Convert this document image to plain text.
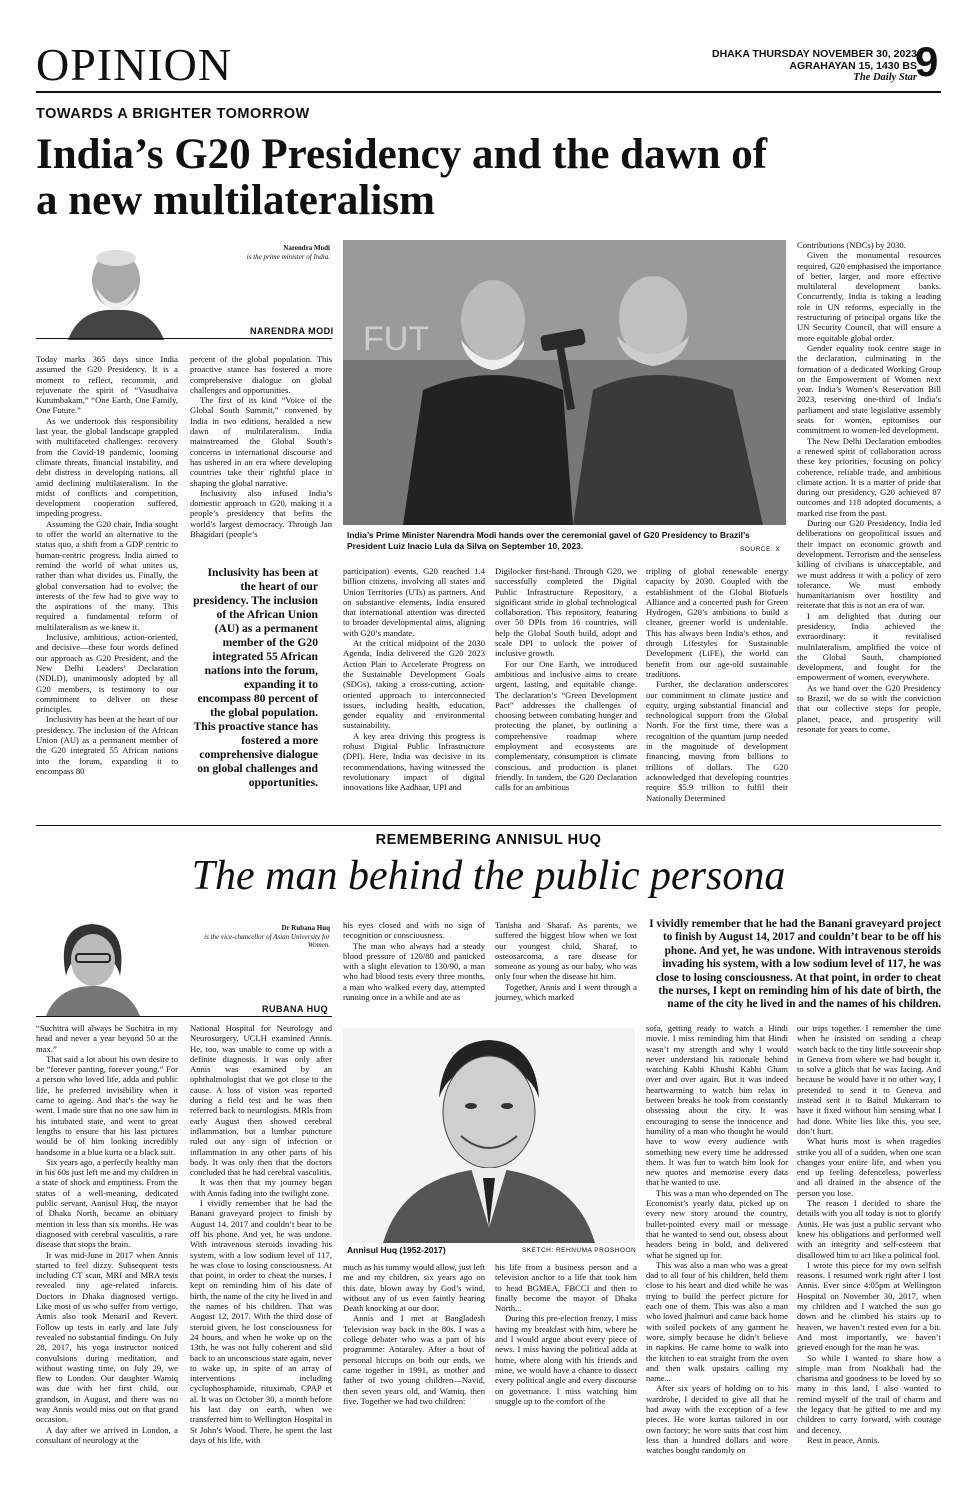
OPINION	DHAKA THURSDAY NOVEMBER 30, 2023
AGRAHAYAN 15, 1430 BS
The Daily Star
9
TOWARDS A BRIGHTER TOMORROW
India’s G20 Presidency and the dawn of a new multilateralism
Narendra Modi
is the prime minister of India.
NARENDRA MODI FUT
India’s Prime Minister Narendra Modi hands over the ceremonial gavel of G20 Presidency to Brazil’s President Luiz Inacio Lula da Silva on September 10, 2023.	SOURCE: X

Today marks 365 days since India assumed the G20 Presidency. It is a moment to reflect, recommit, and rejuvenate the spirit of “Vasudhaiva Kutumbakam,” “One Earth, One Family, One Future.”

As we undertook this responsibility last year, the global landscape grappled with multifaceted challenges: recovery from the Covid-19 pandemic, looming climate threats, financial instability, and debt distress in developing nations, all amid declining multilateralism. In the midst of conflicts and competition, development cooperation suffered, impeding progress.

Assuming the G20 chair, India sought to offer the world an alternative to the status quo, a shift from a GDP centric to human-centric progress. India aimed to remind the world of what unites us, rather than what divides us. Finally, the global conversation had to evolve; the interests of the few had to give way to the aspirations of the many. This required a fundamental reform of multilateralism as we knew it.

Inclusive, ambitious, action-oriented, and decisive—these four words defined our approach as G20 President, and the New Delhi Leaders’ Declaration (NDLD), unanimously adopted by all G20 members, is testimony to our commitment to deliver on these principles.

Inclusivity has been at the heart of our presidency. The inclusion of the African Union (AU) as a permanent member of the G20 integrated 55 African nations into the forum, expanding it to encompass 80

percent of the global population. This proactive stance has fostered a more comprehensive dialogue on global challenges and opportunities.

The first of its kind “Voice of the Global South Summit,” convened by India in two editions, heralded a new dawn of multilateralism. India mainstreamed the Global South’s concerns in international discourse and has ushered in an era where developing countries take their rightful place in shaping the global narrative.

Inclusivity also infused India’s domestic approach to G20, making it a people’s presidency that befits the world’s largest democracy. Through Jan Bhagidari (people’s

Inclusivity has been at the heart of our presidency. The inclusion of the African Union (AU) as a permanent member of the G20 integrated 55 African nations into the forum, expanding it to encompass 80 percent of the global population. This proactive stance has fostered a more comprehensive dialogue on global challenges and opportunities.

participation) events, G20 reached 1.4 billion citizens, involving all states and Union Territories (UTs) as partners. And on substantive elements, India ensured that international attention was directed to broader developmental aims, aligning with G20’s mandate.

At the critical midpoint of the 2030 Agenda, India delivered the G20 2023 Action Plan to Accelerate Progress on the Sustainable Development Goals (SDGs), taking a cross-cutting, action-oriented approach to interconnected issues, including health, education, gender equality and environmental sustainability.

A key area driving this progress is robust Digital Public Infrastructure (DPI). Here, India was decisive in its recommendations, having witnessed the revolutionary impact of digital innovations like Aadhaar, UPI and

Digilocker first-hand. Through G20, we successfully completed the Digital Public Infrastructure Repository, a significant stride in global technological collaboration. This repository, featuring over 50 DPIs from 16 countries, will help the Global South build, adopt and scale DPI to unlock the power of inclusive growth.

For our One Earth, we introduced ambitious and inclusive aims to create urgent, lasting, and equitable change. The declaration’s “Green Development Pact” addresses the challenges of choosing between combating hunger and protecting the planet, by outlining a comprehensive roadmap where employment and ecosystems are complementary, consumption is climate conscious, and production is planet friendly. In tandem, the G20 Declaration calls for an ambitious

tripling of global renewable energy capacity by 2030. Coupled with the establishment of the Global Biofuels Alliance and a concerted push for Green Hydrogen, G20’s ambitions to build a cleaner, greener world is undeniable. This has always been India’s ethos, and through Lifestyles for Sustainable Development (LiFE), the world can benefit from our age-old sustainable traditions.

Further, the declaration underscores our commitment to climate justice and equity, urging substantial financial and technological support from the Global North. For the first time, there was a recognition of the quantum jump needed in the magnitude of development financing, moving from billions to trillions of dollars. The G20 acknowledged that developing countries require $5.9 trillion to fulfil their Nationally Determined

Contributions (NDCs) by 2030.

Given the monumental resources required, G20 emphasised the importance of better, larger, and more effective multilateral development banks. Concurrently, India is taking a leading role in UN reforms, especially in the restructuring of principal organs like the UN Security Council, that will ensure a more equitable global order.

Gender equality took centre stage in the declaration, culminating in the formation of a dedicated Working Group on the Empowerment of Women next year. India’s Women’s Reservation Bill 2023, reserving one-third of India’s parliament and state legislative assembly seats for women, epitomises our commitment to women-led development.

The New Delhi Declaration embodies a renewed spirit of collaboration across these key priorities, focusing on policy coherence, reliable trade, and ambitious climate action. It is a matter of pride that during our presidency, G20 achieved 87 outcomes and 118 adopted documents, a marked rise from the past.

During our G20 Presidency, India led deliberations on geopolitical issues and their impact on economic growth and development. Terrorism and the senseless killing of civilians is unacceptable, and we must address it with a policy of zero tolerance. We must embody humanitarianism over hostility and reiterate that this is not an era of war.

I am delighted that during our presidency, India achieved the extraordinary: it revitalised multilateralism, amplified the voice of the Global South, championed development, and fought for the empowerment of women, everywhere.

As we hand over the G20 Presidency to Brazil, we do so with the conviction that our collective steps for people, planet, peace, and prosperity will resonate for years to come.

REMEMBERING ANNISUL HUQ
The man behind the public persona
Dr Rubana Huq
is the vice-chancellor of Asian University for Women.
RUBANA HUQ

his eyes closed and with no sign of recognition or consciousness.

The man who always had a steady blood pressure of 120/80 and panicked with a slight elevation to 130/90, a man who had blood tests every three months, a man who walked every day, attempted running once in a while and ate as

Tanisha and Sharaf. As parents, we suffered the biggest blow when we lost our youngest child, Sharaf, to osteosarcoma, a rare disease for someone as young as our baby, who was only four when the disease hit him.

Together, Annis and I went through a journey, which marked

I vividly remember that he had the Banani graveyard project to finish by August 14, 2017 and couldn’t bear to be off his phone. And yet, he was undone. With intravenous steroids invading his system, with a low sodium level of 117, he was close to losing consciousness. At that point, in order to cheat the nurses, I kept on reminding him of his date of birth, the name of the city he lived in and the names of his children.
Annisul Huq (1952-2017)	SKETCH: REHNUMA PROSHOON

“Suchitra will always be Suchitra in my head and never a year beyond 50 at the max.”

That said a lot about his own desire to be “forever panting, forever young.” For a person who loved life, adda and public life, he preferred invisibility when it came to ageing. And that’s the way he went. I made sure that no one saw him in his intubated state, and went to great lengths to ensure that his last pictures would be of him looking incredibly handsome in a blue kurta or a black suit.

Six years ago, a perfectly healthy man in his 60s just left me and my children in a state of shock and emptiness. From the status of a well-meaning, dedicated public servant, Annisul Huq, the mayor of Dhaka North, became an obituary mention in less than six months. He was diagnosed with cerebral vasculitis, a rare disease that stops the brain.

It was mid-June in 2017 when Annis started to feel dizzy. Subsequent tests including CT scan, MRI and MRA tests revealed tiny age-related infarcts. Doctors in Dhaka diagnosed vertigo. Like most of us who suffer from vertigo, Annis also took Menaril and Revert. Follow up tests in early and late July revealed no substantial findings. On July 28, 2017, his yoga instructor noticed convulsions during meditation, and without wasting time, on July 29, we flew to London. Our daughter Wamiq was due with her first child, our grandson, in August, and there was no way Annis would miss out on that grand occasion.

A day after we arrived in London, a consultant of neurology at the

National Hospital for Neurology and Neurosurgery, UCLH examined Annis. He, too, was unable to come up with a definite diagnosis. It was only after Annis was examined by an ophthalmologist that we got close to the cause. A loss of vision was reported during a field test and he was then referred back to neurologists. MRIs from early August then showed cerebral inflammation, but a lumbar puncture ruled out any sign of infection or inflammation in any other parts of his body. It was only then that the doctors concluded that he had cerebral vasculitis.

It was then that my journey began with Annis fading into the twilight zone.

I vividly remember that he had the Banani graveyard project to finish by August 14, 2017 and couldn’t bear to be off his phone. And yet, he was undone. With intravenous steroids invading his system, with a low sodium level of 117, he was close to losing consciousness. At that point, in order to cheat the nurses, I kept on reminding him of his date of birth, the name of the city he lived in and the names of his children. That was August 12, 2017. With the third dose of steroid given, he lost consciousness for 24 hours, and when he woke up on the 13th, he was not fully coherent and slid back to an unconscious state again, never to wake up, in spite of an array of interventions including cyclophosphamide, rituximab, CPAP et al. It was on October 30, a month before his last day on earth, when we transferred him to Wellington Hospital in St John’s Wood. There, he spent the last days of his life, with

much as his tummy would allow, just left me and my children, six years ago on this date, blown away by God’s wind, without any of us even faintly hearing Death knocking at our door.

Annis and I met at Bangladesh Television way back in the 80s. I was a college debater who was a part of his programme: Antaraley. After a bout of personal hiccups on both our ends, we came together in 1991, as mother and father of two young children—Navid, then seven years old, and Wamiq, then five. Together we had two children:

his life from a business person and a television anchor to a life that took him to head BGMEA, FBCCI and then to finally become the mayor of Dhaka North...

During this pre-election frenzy, I miss having my breakfast with him, where he and I would argue about every piece of news. I miss having the political adda at home, where along with his friends and mine, we would have a chance to dissect every political angle and every discourse on governance. I miss watching him snuggle up to the comfort of the

sofa, getting ready to watch a Hindi movie. I miss reminding him that Hindi wasn’t my strength and why I would never understand his rationale behind watching Kabhi Khushi Kabhi Gham over and over again. But it was indeed heartwarming to watch him relax in between breaks he took from constantly obsessing about the city. It was encouraging to sense the innocence and humility of a man who thought he would have to wow every audience with something new every time he addressed them. It was fun to watch him look for new quotes and memorise every data that he wanted to use.

This was a man who depended on The Economist’s yearly data, picked up on every new story around the country, bullet-pointed every mail or message that he wanted to send out, obsess about headers being in bold, and delivered what he signed up for.

This was also a man who was a great dad to all four of his children, held them close to his heart and died while he was trying to build the perfect picture for each one of them. This was also a man who loved jhalmuri and came back home with soiled pockets of any garment he wore, simply because he didn’t believe in napkins. He came home to walk into the kitchen to eat straight from the oven and then walk upstairs calling my name...

After six years of holding on to his wardrobe, I decided to give all that he had away with the exception of a few pieces. He wore kurtas tailored in our own factory; he wore suits that cost him less than a hundred dollars and wore watches bought randomly on

our trips together. I remember the time when he insisted on sending a cheap watch back to the tiny little souvenir shop in Geneva from where we had bought it, to solve a glitch that he was facing. And because he would have it no other way, I pretended to send it to Geneva and instead sent it to Baitul Mukarram to have it fixed without him sensing what I had done. White lies like this, you see, don’t hurt.

What hurts most is when tragedies strike you all of a sudden, when one scan changes your entire life, and when you end up feeling defenceless, powerless and all drained in the absence of the person you lose.

The reason I decided to share the details with you all today is not to glorify Annis. He was just a public servant who knew his obligations and performed well with an integrity and self-esteem that disallowed him to act like a political fool.

I wrote this piece for my own selfish reasons. I resumed work right after I lost Annis. Ever since 4:05pm at Wellington Hospital on November 30, 2017, when my children and I watched the sun go down and he climbed his stairs up to heaven, we haven’t rested even for a bit. And most importantly, we haven’t grieved enough for the man he was.

So while I wanted to share how a simple man from Noakhali had the charisma and goodness to be loved by so many in this land, I also wanted to remind myself of the trail of charm and the legacy that he gifted to me and my children to carry forward, with courage and decency.

Rest in peace, Annis.
